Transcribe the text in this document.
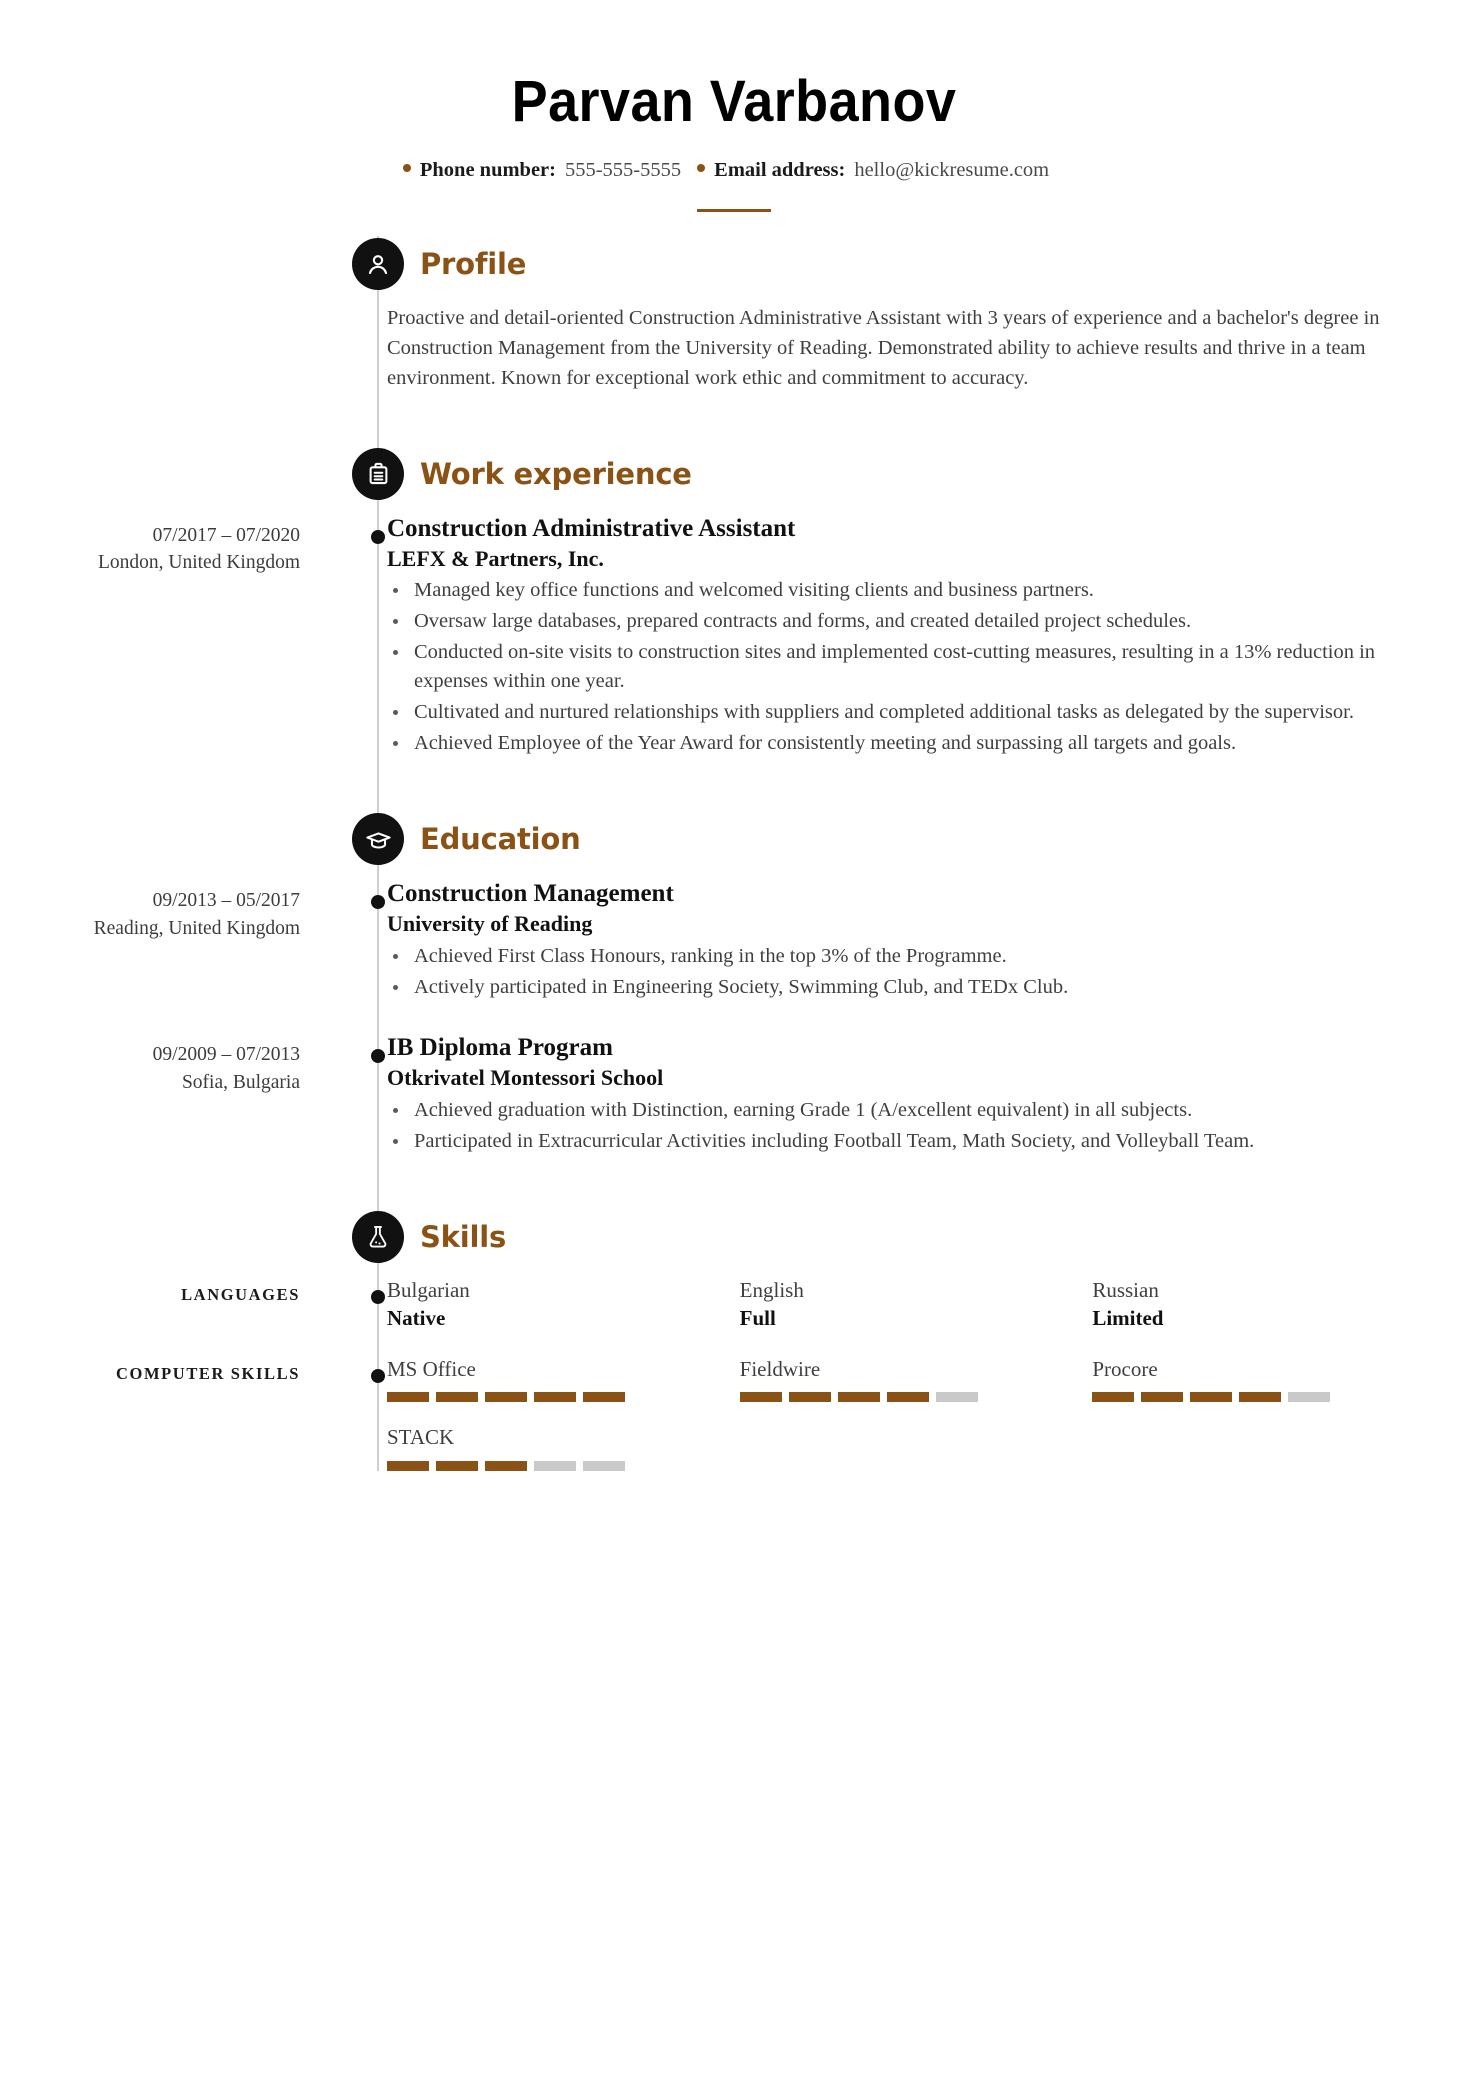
Parvan Varbanov
Phone number: 555-555-5555 Email address: hello@kickresume.com
Profile
Proactive and detail-oriented Construction Administrative Assistant with 3 years of experience and a bachelor's degree in Construction Management from the University of Reading. Demonstrated ability to achieve results and thrive in a team environment. Known for exceptional work ethic and commitment to accuracy.
Work experience
07/2017 – 07/2020
London, United Kingdom
Construction Administrative Assistant
LEFX & Partners, Inc.
Managed key office functions and welcomed visiting clients and business partners.
Oversaw large databases, prepared contracts and forms, and created detailed project schedules.
Conducted on-site visits to construction sites and implemented cost-cutting measures, resulting in a 13% reduction in expenses within one year.
Cultivated and nurtured relationships with suppliers and completed additional tasks as delegated by the supervisor.
Achieved Employee of the Year Award for consistently meeting and surpassing all targets and goals.
Education
09/2013 – 05/2017
Reading, United Kingdom
Construction Management
University of Reading
Achieved First Class Honours, ranking in the top 3% of the Programme.
Actively participated in Engineering Society, Swimming Club, and TEDx Club.
09/2009 – 07/2013
Sofia, Bulgaria
IB Diploma Program
Otkrivatel Montessori School
Achieved graduation with Distinction, earning Grade 1 (A/excellent equivalent) in all subjects.
Participated in Extracurricular Activities including Football Team, Math Society, and Volleyball Team.
Skills
LANGUAGES	Bulgarian
Native
English
Full
Russian
Limited
COMPUTER SKILLS	MS Office	Fieldwire	Procore
STACK
